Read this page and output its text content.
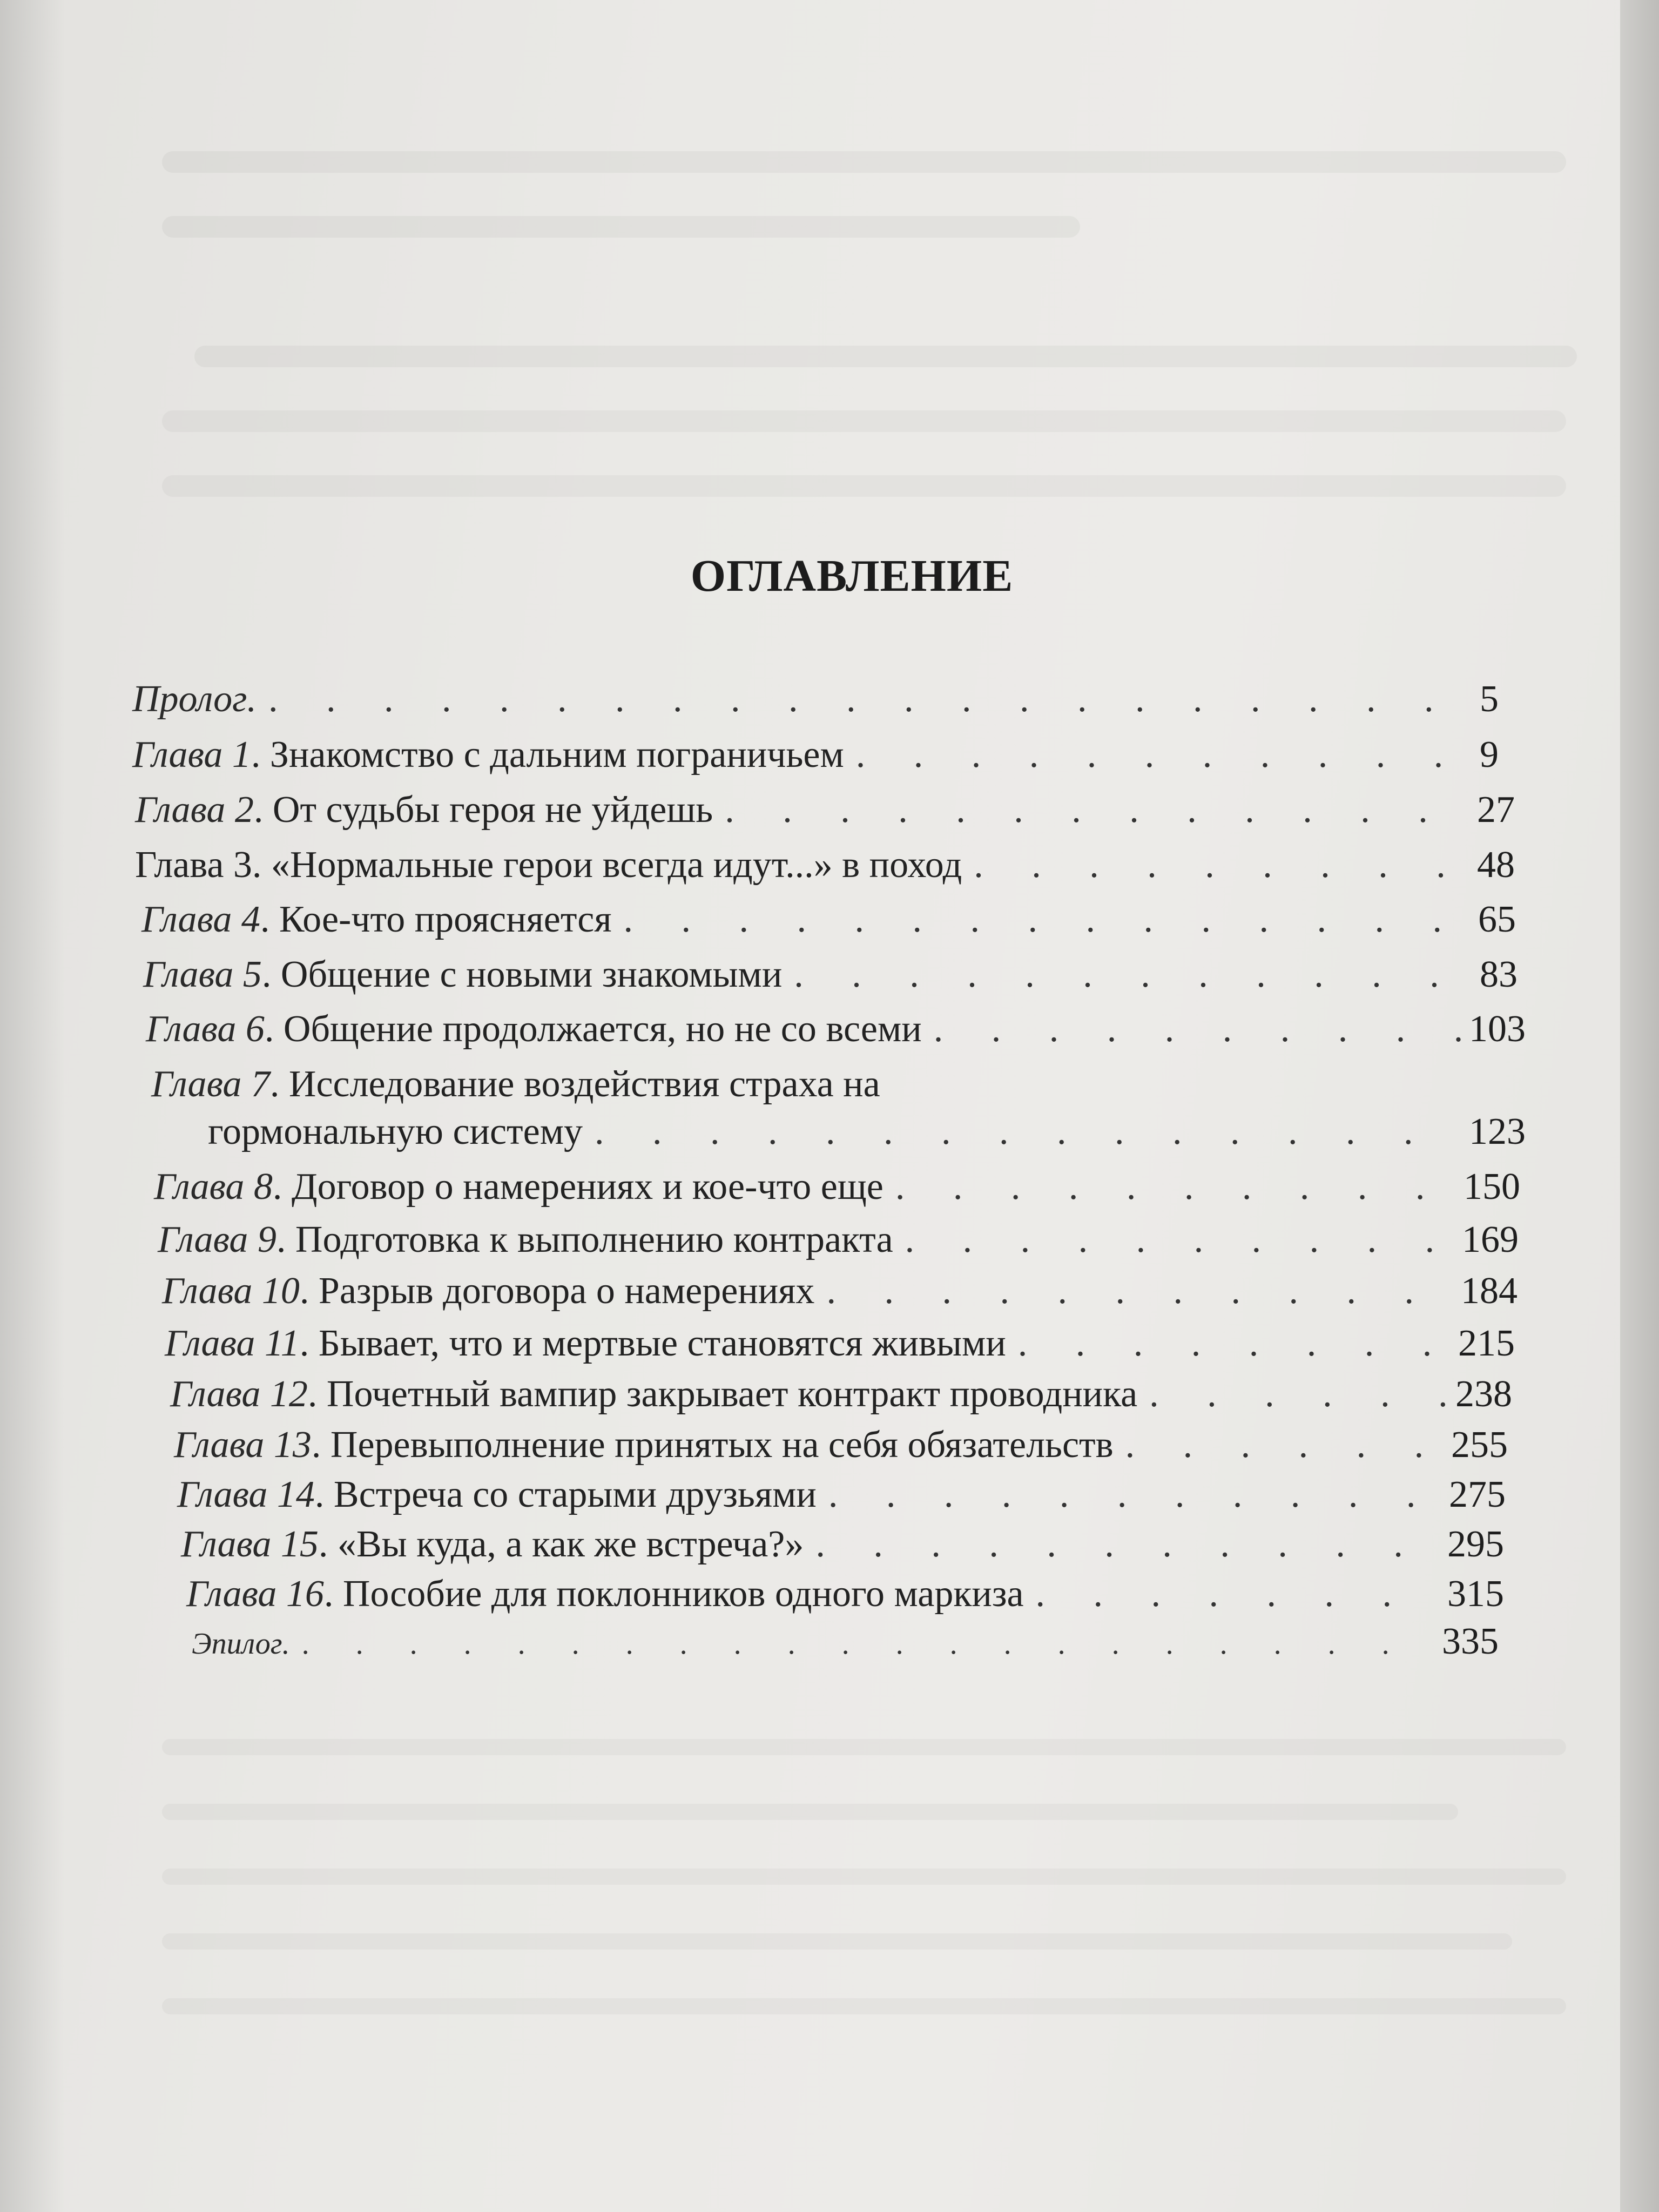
ОГЛАВЛЕНИЕ
Пролог . . . .	5
Глава 1 . Знакомство с дальним пограничьем . . .	9
Глава 2 . От судьбы героя не уйдешь . . .	27
Глава 3 . «Нормальные герои всегда идут...» в поход . . .	48
Глава 4 . Кое-что проясняется . . .	65
Глава 5 . Общение с новыми знакомыми . . .	83
Глава 6 . Общение продолжается, но не со всеми . . .	103
Глава 7 . Исследование воздействия страха на
гормональную систему . . .	123
Глава 8 . Договор о намерениях и кое-что еще . . .	150
Глава 9 . Подготовка к выполнению контракта . . .	169
Глава 10 . Разрыв договора о намерениях . . .	184
Глава 11 . Бывает, что и мертвые становятся живыми . . .	215
Глава 12 . Почетный вампир закрывает контракт проводника . . .	238
Глава 13 . Перевыполнение принятых на себя обязательств . . .	255
Глава 14 . Встреча со старыми друзьями . . .	275
Глава 15 . «Вы куда, а как же встреча?» . . .	295
Глава 16 . Пособие для поклонников одного маркиза . . .	315
Эпилог . . . .	335
